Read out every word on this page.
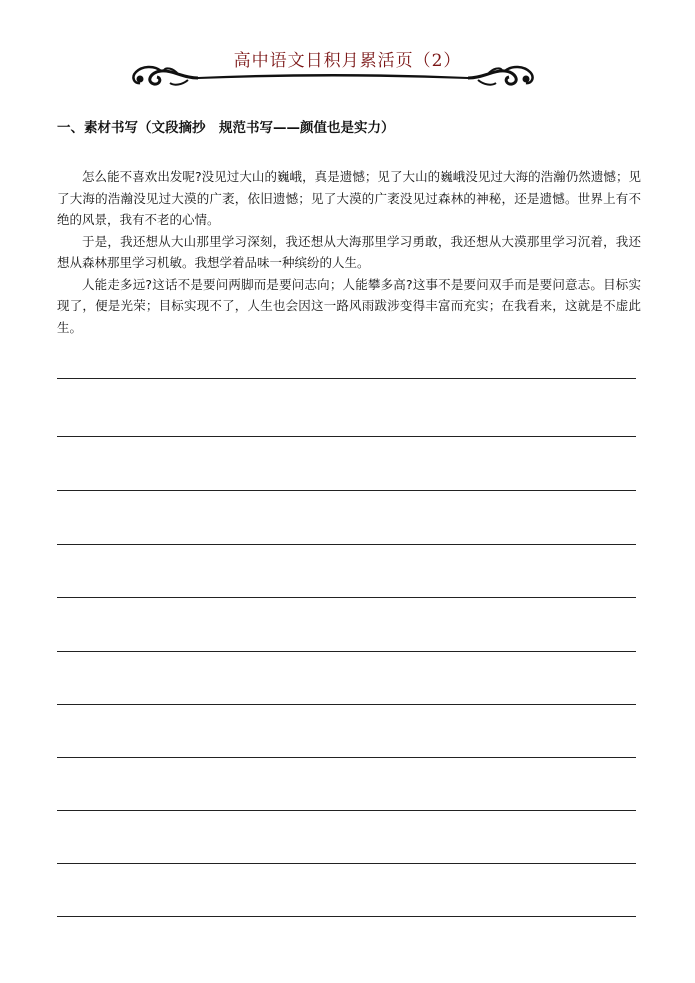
高中语文日积月累活页（2）
一、素材书写（文段摘抄　规范书写——颜值也是实力）

怎么能不喜欢出发呢?没见过大山的巍峨，真是遗憾；见了大山的巍峨没见过大海的浩瀚仍然遗憾；见了大海的浩瀚没见过大漠的广袤，依旧遗憾；见了大漠的广袤没见过森林的神秘，还是遗憾。世界上有不绝的风景，我有不老的心情。

于是，我还想从大山那里学习深刻，我还想从大海那里学习勇敢，我还想从大漠那里学习沉着，我还想从森林那里学习机敏。我想学着品味一种缤纷的人生。

人能走多远?这话不是要问两脚而是要问志向；人能攀多高?这事不是要问双手而是要问意志。目标实现了，便是光荣；目标实现不了，人生也会因这一路风雨跋涉变得丰富而充实；在我看来，这就是不虚此生。
